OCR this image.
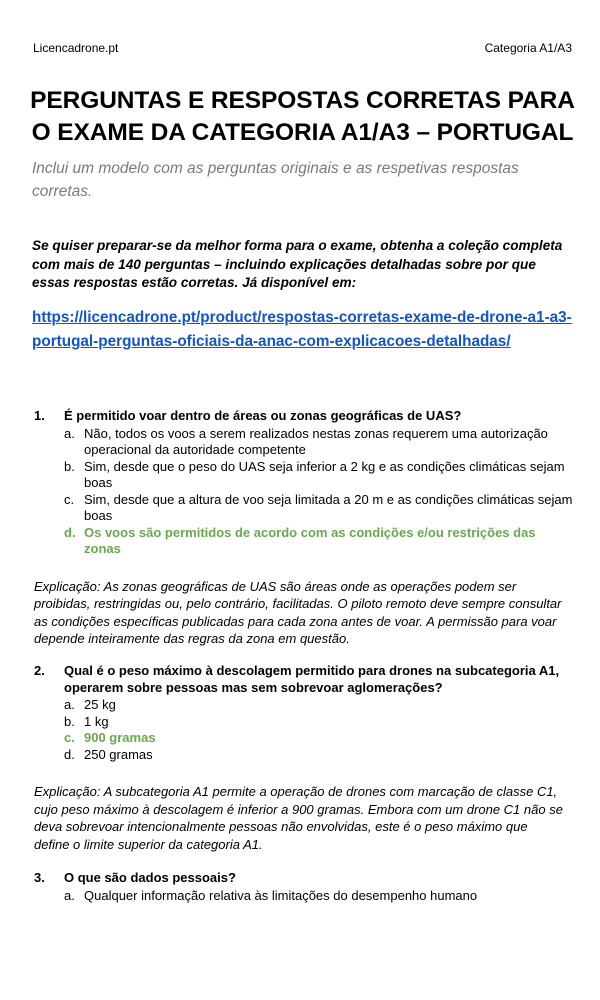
Licencadrone.pt	Categoria A1/A3
PERGUNTAS E RESPOSTAS CORRETAS PARA O EXAME DA CATEGORIA A1/A3 – PORTUGAL

Inclui um modelo com as perguntas originais e as respetivas respostas corretas.

Se quiser preparar-se da melhor forma para o exame, obtenha a coleção completa com mais de 140 perguntas – incluindo explicações detalhadas sobre por que essas respostas estão corretas. Já disponível em:

https://licencadrone.pt/product/respostas-corretas-exame-de-drone-a1-a3-portugal-perguntas-oficiais-da-anac-com-explicacoes-detalhadas/
1. É permitido voar dentro de áreas ou zonas geográficas de UAS?
a. Não, todos os voos a serem realizados nestas zonas requerem uma autorização operacional da autoridade competente
b. Sim, desde que o peso do UAS seja inferior a 2 kg e as condições climáticas sejam boas
c. Sim, desde que a altura de voo seja limitada a 20 m e as condições climáticas sejam boas
d. Os voos são permitidos de acordo com as condições e/ou restrições das zonas

Explicação: As zonas geográficas de UAS são áreas onde as operações podem ser proibidas, restringidas ou, pelo contrário, facilitadas. O piloto remoto deve sempre consultar as condições específicas publicadas para cada zona antes de voar. A permissão para voar depende inteiramente das regras da zona em questão.

2. Qual é o peso máximo à descolagem permitido para drones na subcategoria A1, operarem sobre pessoas mas sem sobrevoar aglomerações?
a. 25 kg
b. 1 kg
c. 900 gramas
d. 250 gramas

Explicação: A subcategoria A1 permite a operação de drones com marcação de classe C1, cujo peso máximo à descolagem é inferior a 900 gramas. Embora com um drone C1 não se deva sobrevoar intencionalmente pessoas não envolvidas, este é o peso máximo que define o limite superior da categoria A1.

3. O que são dados pessoais?
a. Qualquer informação relativa às limitações do desempenho humano
